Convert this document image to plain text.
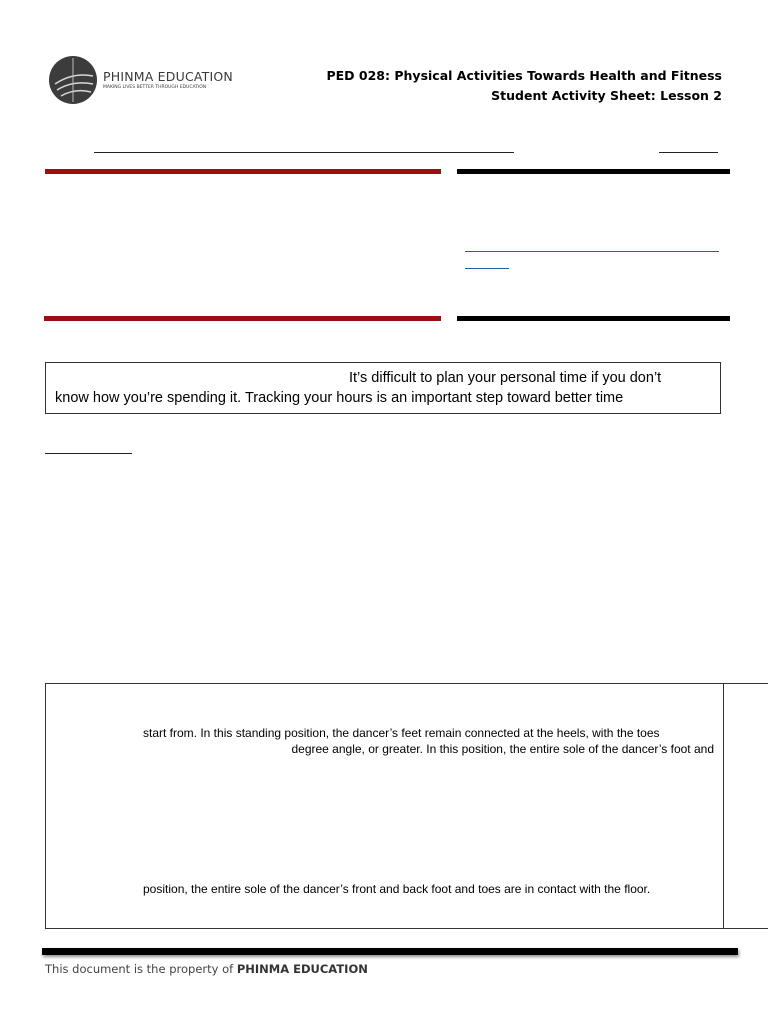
PHINMA EDUCATION
MAKING LIVES BETTER THROUGH EDUCATION
PED 028: Physical Activities Towards Health and Fitness
Student Activity Sheet: Lesson 2
It’s difficult to plan your personal time if you don’t
know how you’re spending it. Tracking your hours is an important step toward better time
start from. In this standing position, the dancer’s feet remain connected at the heels, with the toes
degree angle, or greater. In this position, the entire sole of the dancer’s foot and
position, the entire sole of the dancer’s front and back foot and toes are in contact with the floor.
This document is the property of PHINMA EDUCATION
